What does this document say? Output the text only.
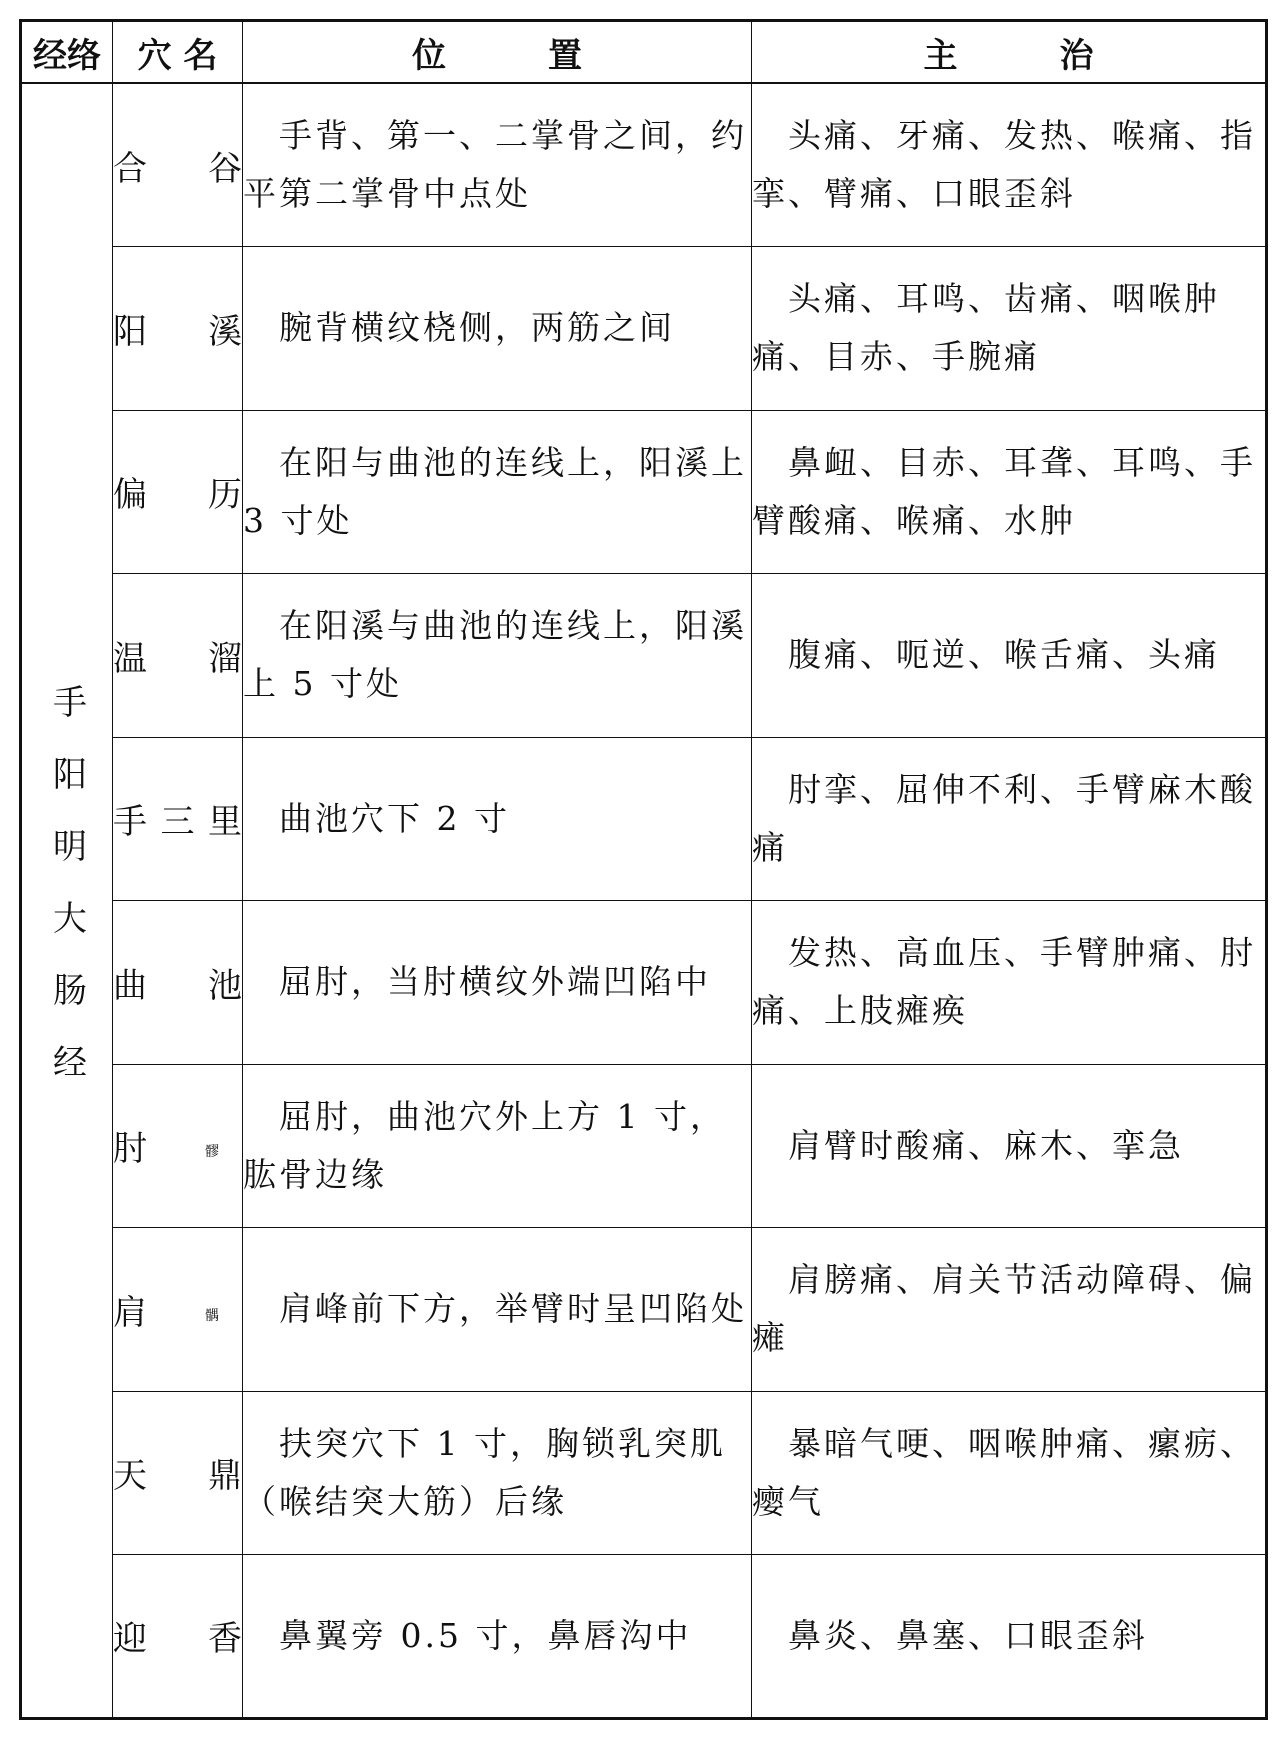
经络	穴 名	位　　　置	主　　　治

手阳明大肠经	合　谷	手背、第一、二掌骨之间，约平第二掌骨中点处	头痛、牙痛、发热、喉痛、指挛、臂痛、口眼歪斜

	阳　溪	腕背横纹桡侧，两筋之间	头痛、耳鸣、齿痛、咽喉肿痛、目赤、手腕痛

	偏　历	在阳与曲池的连线上，阳溪上 3 寸处	鼻衄、目赤、耳聋、耳鸣、手臂酸痛、喉痛、水肿

	温　溜	在阳溪与曲池的连线上，阳溪上 5 寸处	腹痛、呃逆、喉舌痛、头痛

	手三里	曲池穴下 2 寸	肘挛、屈伸不利、手臂麻木酸痛

	曲　池	屈肘，当肘横纹外端凹陷中	发热、高血压、手臂肿痛、肘痛、上肢瘫痪
	肘 髎	屈肘，曲池穴外上方 1 寸，肱骨边缘	肩臂时酸痛、麻木、挛急
	肩 髃	肩峰前下方，举臂时呈凹陷处	肩膀痛、肩关节活动障碍、偏瘫

	天　鼎	扶突穴下 1 寸，胸锁乳突肌（喉结突大筋）后缘	暴暗气哽、咽喉肿痛、瘰疬、瘿气

	迎　香	鼻翼旁 0.5 寸，鼻唇沟中	鼻炎、鼻塞、口眼歪斜
